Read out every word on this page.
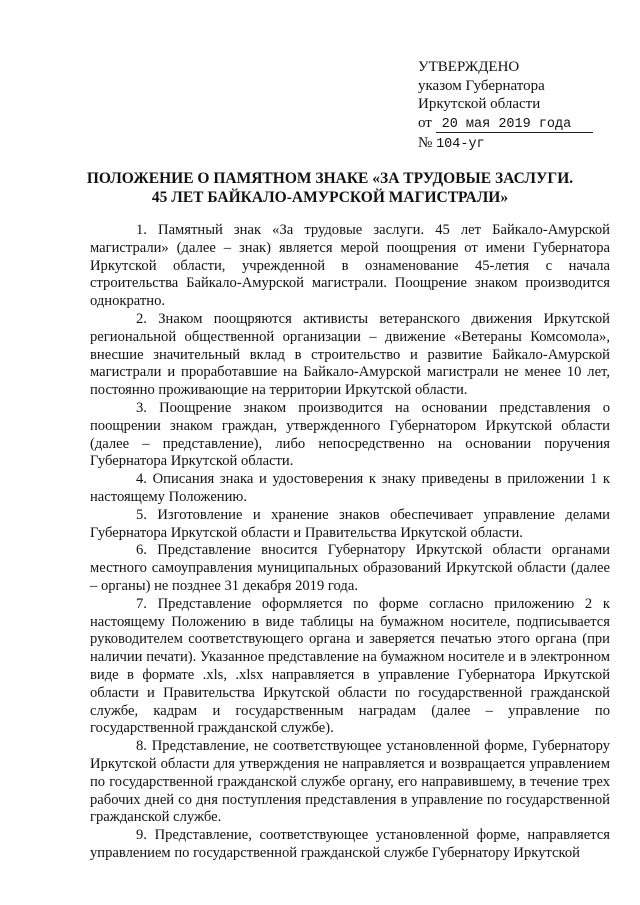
УТВЕРЖДЕНО
указом Губернатора
Иркутской области
от 20 мая 2019 года
№ 104-уг
ПОЛОЖЕНИЕ О ПАМЯТНОМ ЗНАКЕ «ЗА ТРУДОВЫЕ ЗАСЛУГИ.
45 ЛЕТ БАЙКАЛО-АМУРСКОЙ МАГИСТРАЛИ»

1. Памятный знак «За трудовые заслуги. 45 лет Байкало-Амурской магистрали» (далее – знак) является мерой поощрения от имени Губернатора Иркутской области, учрежденной в ознаменование 45-летия с начала строительства Байкало-Амурской магистрали. Поощрение знаком производится однократно.

2. Знаком поощряются активисты ветеранского движения Иркутской региональной общественной организации – движение «Ветераны Комсомола», внесшие значительный вклад в строительство и развитие Байкало-Амурской магистрали и проработавшие на Байкало-Амурской магистрали не менее 10 лет, постоянно проживающие на территории Иркутской области.

3. Поощрение знаком производится на основании представления о поощрении знаком граждан, утвержденного Губернатором Иркутской области (далее – представление), либо непосредственно на основании поручения Губернатора Иркутской области.

4. Описания знака и удостоверения к знаку приведены в приложении 1 к настоящему Положению.

5. Изготовление и хранение знаков обеспечивает управление делами Губернатора Иркутской области и Правительства Иркутской области.

6. Представление вносится Губернатору Иркутской области органами местного самоуправления муниципальных образований Иркутской области (далее – органы) не позднее 31 декабря 2019 года.

7. Представление оформляется по форме согласно приложению 2 к настоящему Положению в виде таблицы на бумажном носителе, подписывается руководителем соответствующего органа и заверяется печатью этого органа (при наличии печати). Указанное представление на бумажном носителе и в электронном виде в формате .xls, .xlsx направляется в управление Губернатора Иркутской области и Правительства Иркутской области по государственной гражданской службе, кадрам и государственным наградам (далее – управление по государственной гражданской службе).

8. Представление, не соответствующее установленной форме, Губернатору Иркутской области для утверждения не направляется и возвращается управлением по государственной гражданской службе органу, его направившему, в течение трех рабочих дней со дня поступления представления в управление по государственной гражданской службе.

9. Представление, соответствующее установленной форме, направляется управлением по государственной гражданской службе Губернатору Иркутской
